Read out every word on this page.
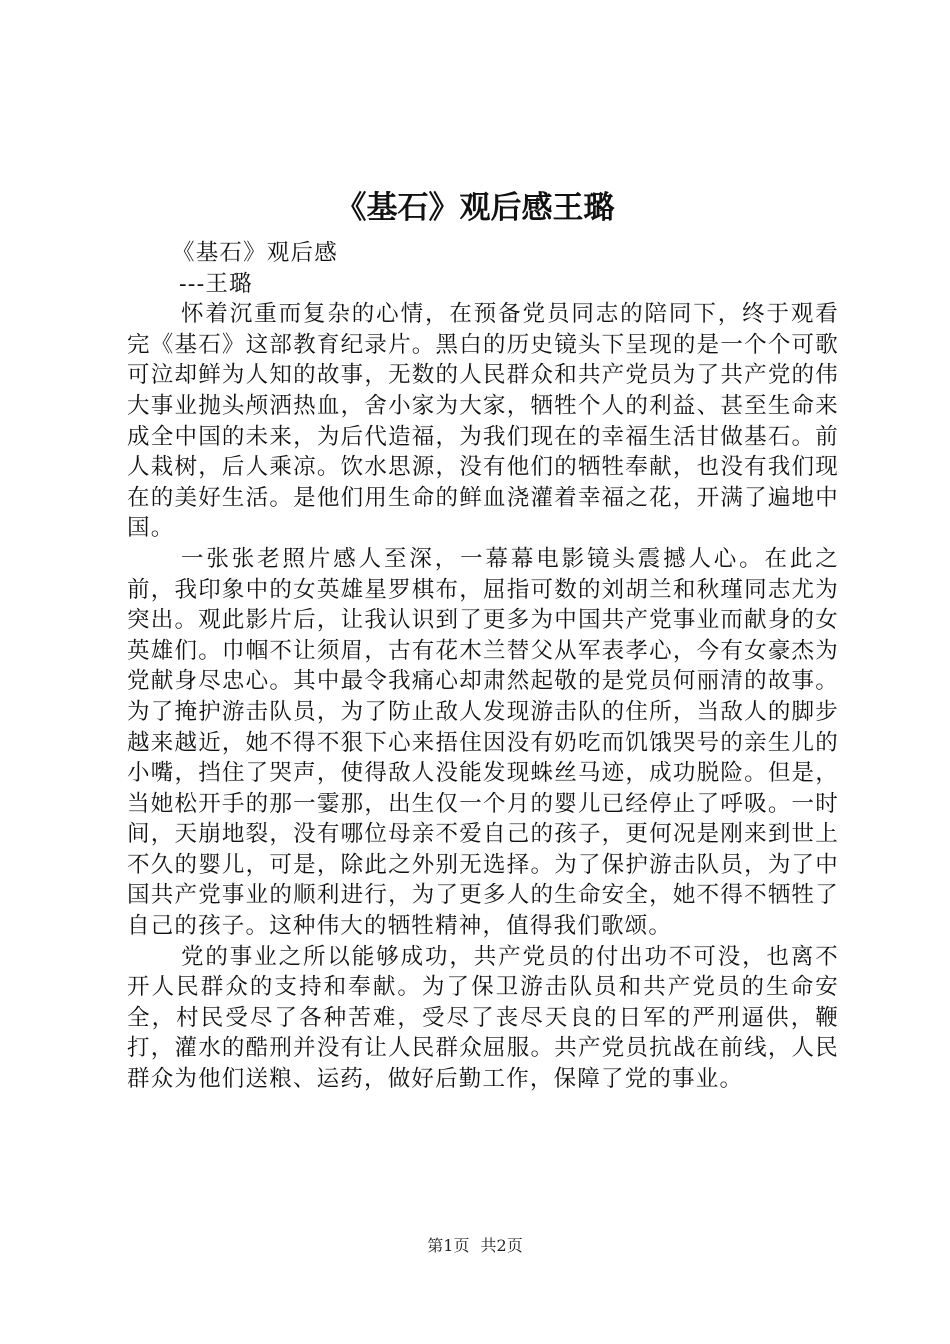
《基石》观后感王璐

《基石》观后感

---王璐

怀着沉重而复杂的心情，在预备党员同志的陪同下，终于观看完《基石》这部教育纪录片。黑白的历史镜头下呈现的是一个个可歌可泣却鲜为人知的故事，无数的人民群众和共产党员为了共产党的伟大事业抛头颅洒热血，舍小家为大家，牺牲个人的利益、甚至生命来成全中国的未来，为后代造福，为我们现在的幸福生活甘做基石。前人栽树，后人乘凉。饮水思源，没有他们的牺牲奉献，也没有我们现在的美好生活。是他们用生命的鲜血浇灌着幸福之花，开满了遍地中国。

一张张老照片感人至深，一幕幕电影镜头震撼人心。在此之前，我印象中的女英雄星罗棋布，屈指可数的刘胡兰和秋瑾同志尤为突出。观此影片后，让我认识到了更多为中国共产党事业而献身的女英雄们。巾帼不让须眉，古有花木兰替父从军表孝心，今有女豪杰为党献身尽忠心。其中最令我痛心却肃然起敬的是党员何丽清的故事。为了掩护游击队员，为了防止敌人发现游击队的住所，当敌人的脚步越来越近，她不得不狠下心来捂住因没有奶吃而饥饿哭号的亲生儿的小嘴，挡住了哭声，使得敌人没能发现蛛丝马迹，成功脱险。但是，当她松开手的那一霎那，出生仅一个月的婴儿已经停止了呼吸。一时间，天崩地裂，没有哪位母亲不爱自己的孩子，更何况是刚来到世上不久的婴儿，可是，除此之外别无选择。为了保护游击队员，为了中国共产党事业的顺利进行，为了更多人的生命安全，她不得不牺牲了自己的孩子。这种伟大的牺牲精神，值得我们歌颂。

党的事业之所以能够成功，共产党员的付出功不可没，也离不开人民群众的支持和奉献。为了保卫游击队员和共产党员的生命安全，村民受尽了各种苦难，受尽了丧尽天良的日军的严刑逼供，鞭打，灌水的酷刑并没有让人民群众屈服。共产党员抗战在前线，人民群众为他们送粮、运药，做好后勤工作，保障了党的事业。

第1页 共2页
